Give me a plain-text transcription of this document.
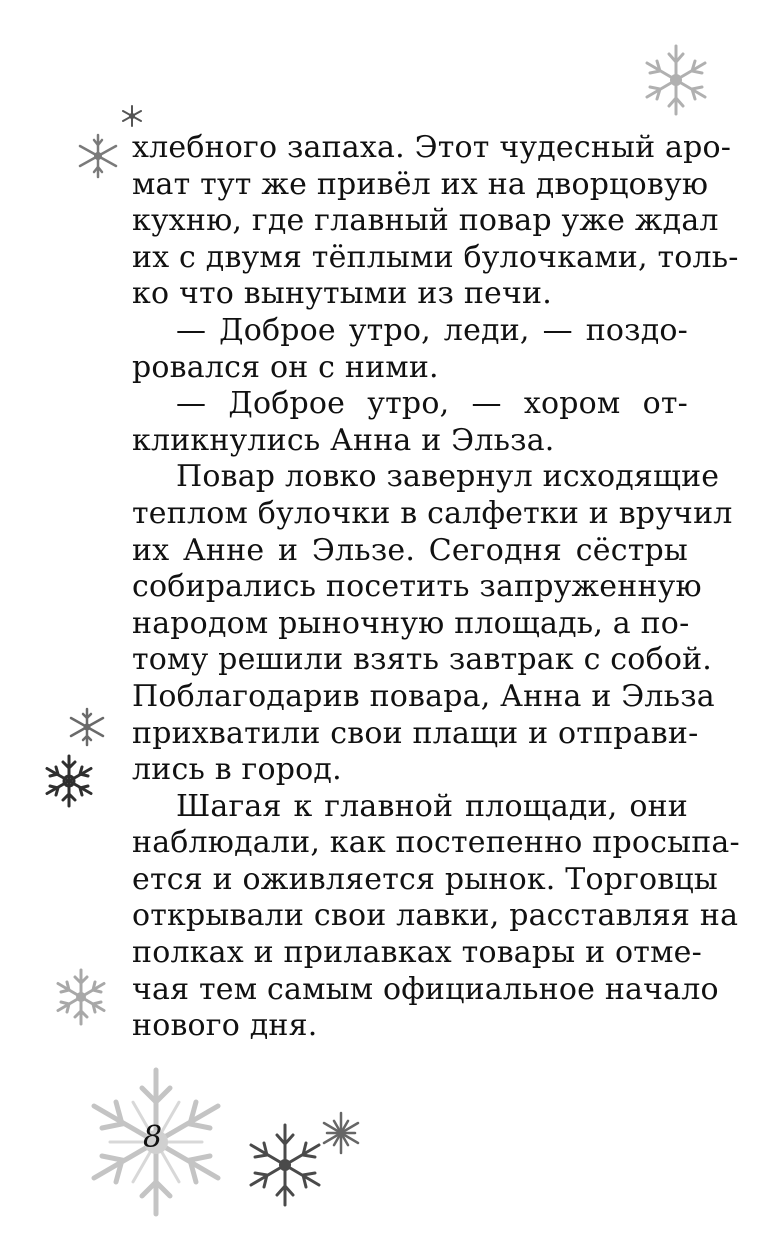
хлебного запаха. Этот чудесный аро-
мат тут же привёл их на дворцовую
кухню, где главный повар уже ждал
их с двумя тёплыми булочками, толь-
ко что вынутыми из печи.
— Доброе утро, леди, — поздо-
ровался он с ними.
— Доброе утро, — хором от-
кликнулись Анна и Эльза.
Повар ловко завернул исходящие
теплом булочки в салфетки и вручил
их Анне и Эльзе. Сегодня сёстры
собирались посетить запруженную
народом рыночную площадь, а по-
тому решили взять завтрак с собой.
Поблагодарив повара, Анна и Эльза
прихватили свои плащи и отправи-
лись в город.
Шагая к главной площади, они
наблюдали, как постепенно просыпа-
ется и оживляется рынок. Торговцы
открывали свои лавки, расставляя на
полках и прилавках товары и отме-
чая тем самым официальное начало
нового дня.
8
